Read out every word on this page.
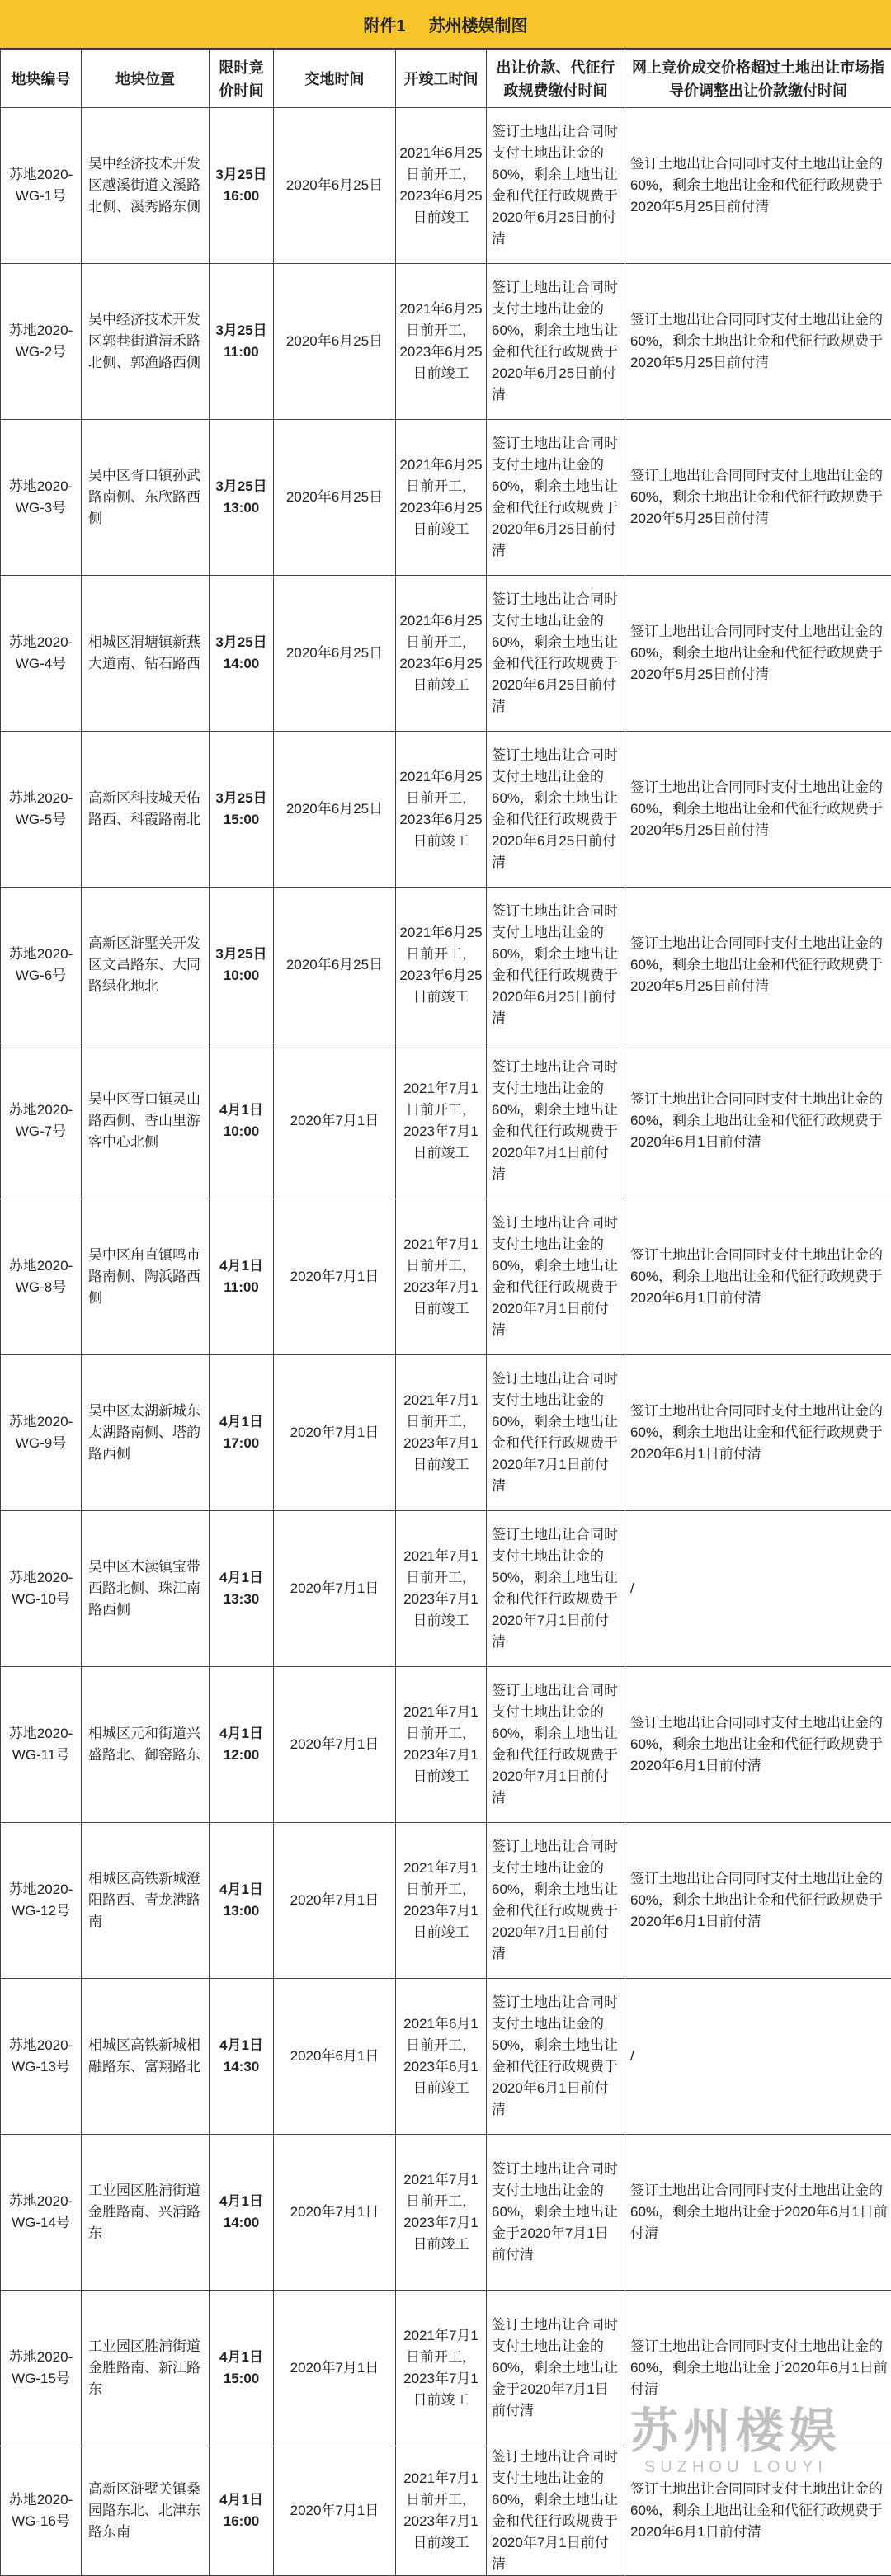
附件1 苏州楼娱制图
地块编号	地块位置	限时竞价时间	交地时间	开竣工时间	出让价款、代征行政规费缴付时间	网上竞价成交价格超过土地出让市场指导价调整出让价款缴付时间
苏地2020-WG-1号	吴中经济技术开发区越溪街道文溪路北侧、溪秀路东侧	3月25日 16:00	2020年6月25日	2021年6月25日前开工，2023年6月25日前竣工	签订土地出让合同时支付土地出让金的60%，剩余土地出让金和代征行政规费于2020年6月25日前付清	签订土地出让合同同时支付土地出让金的60%，剩余土地出让金和代征行政规费于2020年5月25日前付清
苏地2020-WG-2号	吴中经济技术开发区郭巷街道清禾路北侧、郭渔路西侧	3月25日 11:00	2020年6月25日	2021年6月25日前开工，2023年6月25日前竣工	签订土地出让合同时支付土地出让金的60%，剩余土地出让金和代征行政规费于2020年6月25日前付清	签订土地出让合同同时支付土地出让金的60%，剩余土地出让金和代征行政规费于2020年5月25日前付清
苏地2020-WG-3号	吴中区胥口镇孙武路南侧、东欣路西侧	3月25日 13:00	2020年6月25日	2021年6月25日前开工，2023年6月25日前竣工	签订土地出让合同时支付土地出让金的60%，剩余土地出让金和代征行政规费于2020年6月25日前付清	签订土地出让合同同时支付土地出让金的60%，剩余土地出让金和代征行政规费于2020年5月25日前付清
苏地2020-WG-4号	相城区渭塘镇新燕大道南、钻石路西	3月25日 14:00	2020年6月25日	2021年6月25日前开工，2023年6月25日前竣工	签订土地出让合同时支付土地出让金的60%，剩余土地出让金和代征行政规费于2020年6月25日前付清	签订土地出让合同同时支付土地出让金的60%，剩余土地出让金和代征行政规费于2020年5月25日前付清
苏地2020-WG-5号	高新区科技城天佑路西、科霞路南北	3月25日 15:00	2020年6月25日	2021年6月25日前开工，2023年6月25日前竣工	签订土地出让合同时支付土地出让金的60%，剩余土地出让金和代征行政规费于2020年6月25日前付清	签订土地出让合同同时支付土地出让金的60%，剩余土地出让金和代征行政规费于2020年5月25日前付清
苏地2020-WG-6号	高新区浒墅关开发区文昌路东、大同路绿化地北	3月25日 10:00	2020年6月25日	2021年6月25日前开工，2023年6月25日前竣工	签订土地出让合同时支付土地出让金的60%，剩余土地出让金和代征行政规费于2020年6月25日前付清	签订土地出让合同同时支付土地出让金的60%，剩余土地出让金和代征行政规费于2020年5月25日前付清
苏地2020-WG-7号	吴中区胥口镇灵山路西侧、香山里游客中心北侧	4月1日 10:00	2020年7月1日	2021年7月1日前开工，2023年7月1日前竣工	签订土地出让合同时支付土地出让金的60%，剩余土地出让金和代征行政规费于2020年7月1日前付清	签订土地出让合同同时支付土地出让金的60%，剩余土地出让金和代征行政规费于2020年6月1日前付清
苏地2020-WG-8号	吴中区甪直镇鸣市路南侧、陶浜路西侧	4月1日 11:00	2020年7月1日	2021年7月1日前开工，2023年7月1日前竣工	签订土地出让合同时支付土地出让金的60%，剩余土地出让金和代征行政规费于2020年7月1日前付清	签订土地出让合同同时支付土地出让金的60%，剩余土地出让金和代征行政规费于2020年6月1日前付清
苏地2020-WG-9号	吴中区太湖新城东太湖路南侧、塔韵路西侧	4月1日 17:00	2020年7月1日	2021年7月1日前开工，2023年7月1日前竣工	签订土地出让合同时支付土地出让金的60%，剩余土地出让金和代征行政规费于2020年7月1日前付清	签订土地出让合同同时支付土地出让金的60%，剩余土地出让金和代征行政规费于2020年6月1日前付清
苏地2020-WG-10号	吴中区木渎镇宝带西路北侧、珠江南路西侧	4月1日 13:30	2020年7月1日	2021年7月1日前开工，2023年7月1日前竣工	签订土地出让合同时支付土地出让金的50%，剩余土地出让金和代征行政规费于2020年7月1日前付清	/
苏地2020-WG-11号	相城区元和街道兴盛路北、御窑路东	4月1日 12:00	2020年7月1日	2021年7月1日前开工，2023年7月1日前竣工	签订土地出让合同时支付土地出让金的60%，剩余土地出让金和代征行政规费于2020年7月1日前付清	签订土地出让合同同时支付土地出让金的60%，剩余土地出让金和代征行政规费于2020年6月1日前付清
苏地2020-WG-12号	相城区高铁新城澄阳路西、青龙港路南	4月1日 13:00	2020年7月1日	2021年7月1日前开工，2023年7月1日前竣工	签订土地出让合同时支付土地出让金的60%，剩余土地出让金和代征行政规费于2020年7月1日前付清	签订土地出让合同同时支付土地出让金的60%，剩余土地出让金和代征行政规费于2020年6月1日前付清
苏地2020-WG-13号	相城区高铁新城相融路东、富翔路北	4月1日 14:30	2020年6月1日	2021年6月1日前开工，2023年6月1日前竣工	签订土地出让合同时支付土地出让金的50%，剩余土地出让金和代征行政规费于2020年6月1日前付清	/
苏地2020-WG-14号	工业园区胜浦街道金胜路南、兴浦路东	4月1日 14:00	2020年7月1日	2021年7月1日前开工，2023年7月1日前竣工	签订土地出让合同时支付土地出让金的60%，剩余土地出让金于2020年7月1日前付清	签订土地出让合同同时支付土地出让金的60%，剩余土地出让金于2020年6月1日前付清
苏地2020-WG-15号	工业园区胜浦街道金胜路南、新江路东	4月1日 15:00	2020年7月1日	2021年7月1日前开工，2023年7月1日前竣工	签订土地出让合同时支付土地出让金的60%，剩余土地出让金于2020年7月1日前付清	签订土地出让合同同时支付土地出让金的60%，剩余土地出让金于2020年6月1日前付清
苏地2020-WG-16号	高新区浒墅关镇桑园路东北、北津东路东南	4月1日 16:00	2020年7月1日	2021年7月1日前开工，2023年7月1日前竣工	签订土地出让合同时支付土地出让金的60%，剩余土地出让金和代征行政规费于2020年7月1日前付清	签订土地出让合同同时支付土地出让金的60%，剩余土地出让金和代征行政规费于2020年6月1日前付清
苏州楼娱
SUZHOU LOUYI
